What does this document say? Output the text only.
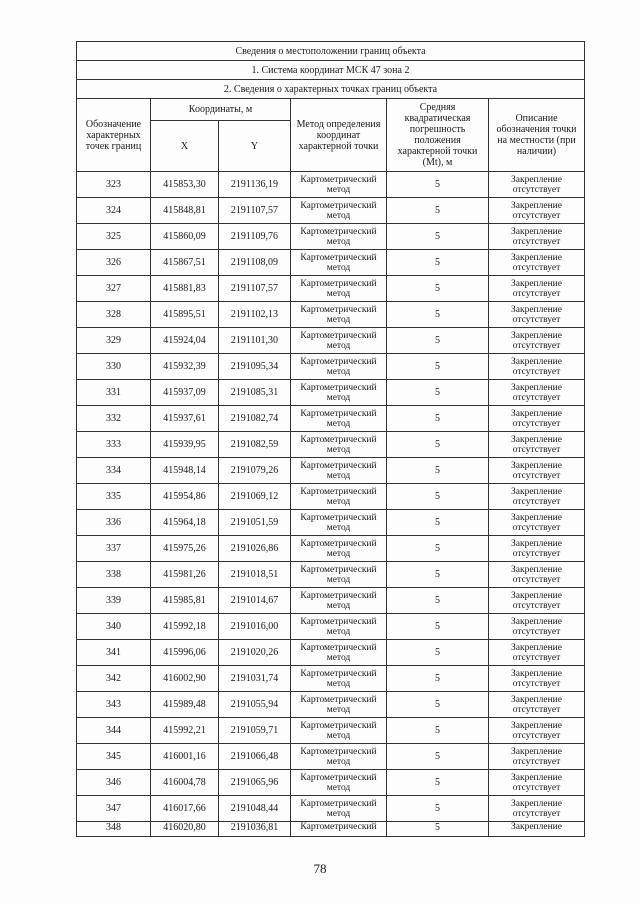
Сведения о местоположении границ объекта					
1. Система координат МСК 47 зона 2					
2. Сведения о характерных точках границ объекта					
Обозначение характерных точек границ	Координаты, м		Метод определения координат характерной точки	Средняя квадратическая погрешность положения характерной точки (Mt), м	Описание обозначения точки на местности (при наличии)
	X	Y			
323	415853,30	2191136,19	Картометрический метод	5	Закрепление отсутствует
324	415848,81	2191107,57	Картометрический метод	5	Закрепление отсутствует
325	415860,09	2191109,76	Картометрический метод	5	Закрепление отсутствует
326	415867,51	2191108,09	Картометрический метод	5	Закрепление отсутствует
327	415881,83	2191107,57	Картометрический метод	5	Закрепление отсутствует
328	415895,51	2191102,13	Картометрический метод	5	Закрепление отсутствует
329	415924,04	2191101,30	Картометрический метод	5	Закрепление отсутствует
330	415932,39	2191095,34	Картометрический метод	5	Закрепление отсутствует
331	415937,09	2191085,31	Картометрический метод	5	Закрепление отсутствует
332	415937,61	2191082,74	Картометрический метод	5	Закрепление отсутствует
333	415939,95	2191082,59	Картометрический метод	5	Закрепление отсутствует
334	415948,14	2191079,26	Картометрический метод	5	Закрепление отсутствует
335	415954,86	2191069,12	Картометрический метод	5	Закрепление отсутствует
336	415964,18	2191051,59	Картометрический метод	5	Закрепление отсутствует
337	415975,26	2191026,86	Картометрический метод	5	Закрепление отсутствует
338	415981,26	2191018,51	Картометрический метод	5	Закрепление отсутствует
339	415985,81	2191014,67	Картометрический метод	5	Закрепление отсутствует
340	415992,18	2191016,00	Картометрический метод	5	Закрепление отсутствует
341	415996,06	2191020,26	Картометрический метод	5	Закрепление отсутствует
342	416002,90	2191031,74	Картометрический метод	5	Закрепление отсутствует
343	415989,48	2191055,94	Картометрический метод	5	Закрепление отсутствует
344	415992,21	2191059,71	Картометрический метод	5	Закрепление отсутствует
345	416001,16	2191066,48	Картометрический метод	5	Закрепление отсутствует
346	416004,78	2191065,96	Картометрический метод	5	Закрепление отсутствует
347	416017,66	2191048,44	Картометрический метод	5	Закрепление отсутствует
348	416020,80	2191036,81	Картометрический	5	Закрепление
78
